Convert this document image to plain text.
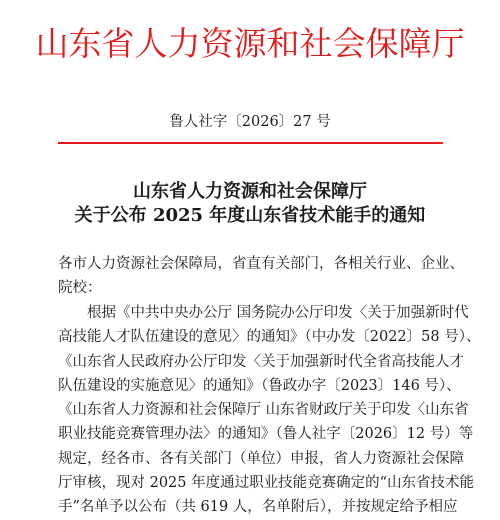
山东省人力资源和社会保障厅
鲁人社字〔2026〕27 号
山东省人力资源和社会保障厅
关于公布 2025 年度山东省技术能手的通知
各市人力资源社会保障局，省直有关部门，各相关行业、企业、
院校：
根据《中共中央办公厅 国务院办公厅印发〈关于加强新时代
高技能人才队伍建设的意见〉的通知》（中办发〔2022〕58 号）、
《山东省人民政府办公厅印发〈关于加强新时代全省高技能人才
队伍建设的实施意见〉的通知》（鲁政办字〔2023〕146 号）、
《山东省人力资源和社会保障厅 山东省财政厅关于印发〈山东省
职业技能竞赛管理办法〉的通知》（鲁人社字〔2026〕12 号）等
规定，经各市、各有关部门（单位）申报，省人力资源社会保障
厅审核，现对 2025 年度通过职业技能竞赛确定的“山东省技术能
手”名单予以公布（共 619 人，名单附后），并按规定给予相应
